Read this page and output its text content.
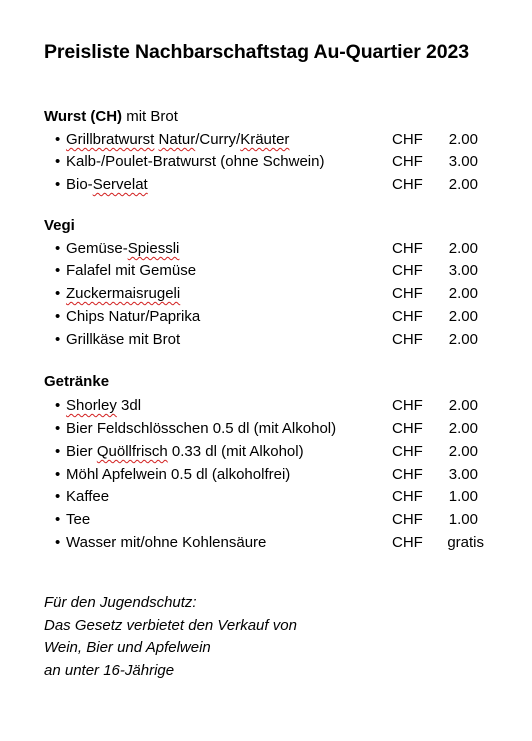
Preisliste Nachbarschaftstag Au-Quartier 2023
Wurst (CH) mit Brot
• Grillbratwurst Natur/Curry/Kräuter	CHF 2.00
• Kalb-/Poulet-Bratwurst (ohne Schwein)	CHF 3.00
• Bio-Servelat	CHF 2.00
Vegi
• Gemüse-Spiessli	CHF 2.00
• Falafel mit Gemüse	CHF 3.00
• Zuckermaisrugeli	CHF 2.00
• Chips Natur/Paprika	CHF 2.00
• Grillkäse mit Brot	CHF 2.00
Getränke
• Shorley 3dl	CHF 2.00
• Bier Feldschlösschen 0.5 dl (mit Alkohol)	CHF 2.00
• Bier Quöllfrisch 0.33 dl (mit Alkohol)	CHF 2.00
• Möhl Apfelwein 0.5 dl (alkoholfrei)	CHF 3.00
• Kaffee	CHF 1.00
• Tee	CHF 1.00
• Wasser mit/ohne Kohlensäure	CHF gratis
Für den Jugendschutz:
Das Gesetz verbietet den Verkauf von
Wein, Bier und Apfelwein
an unter 16-Jährige
